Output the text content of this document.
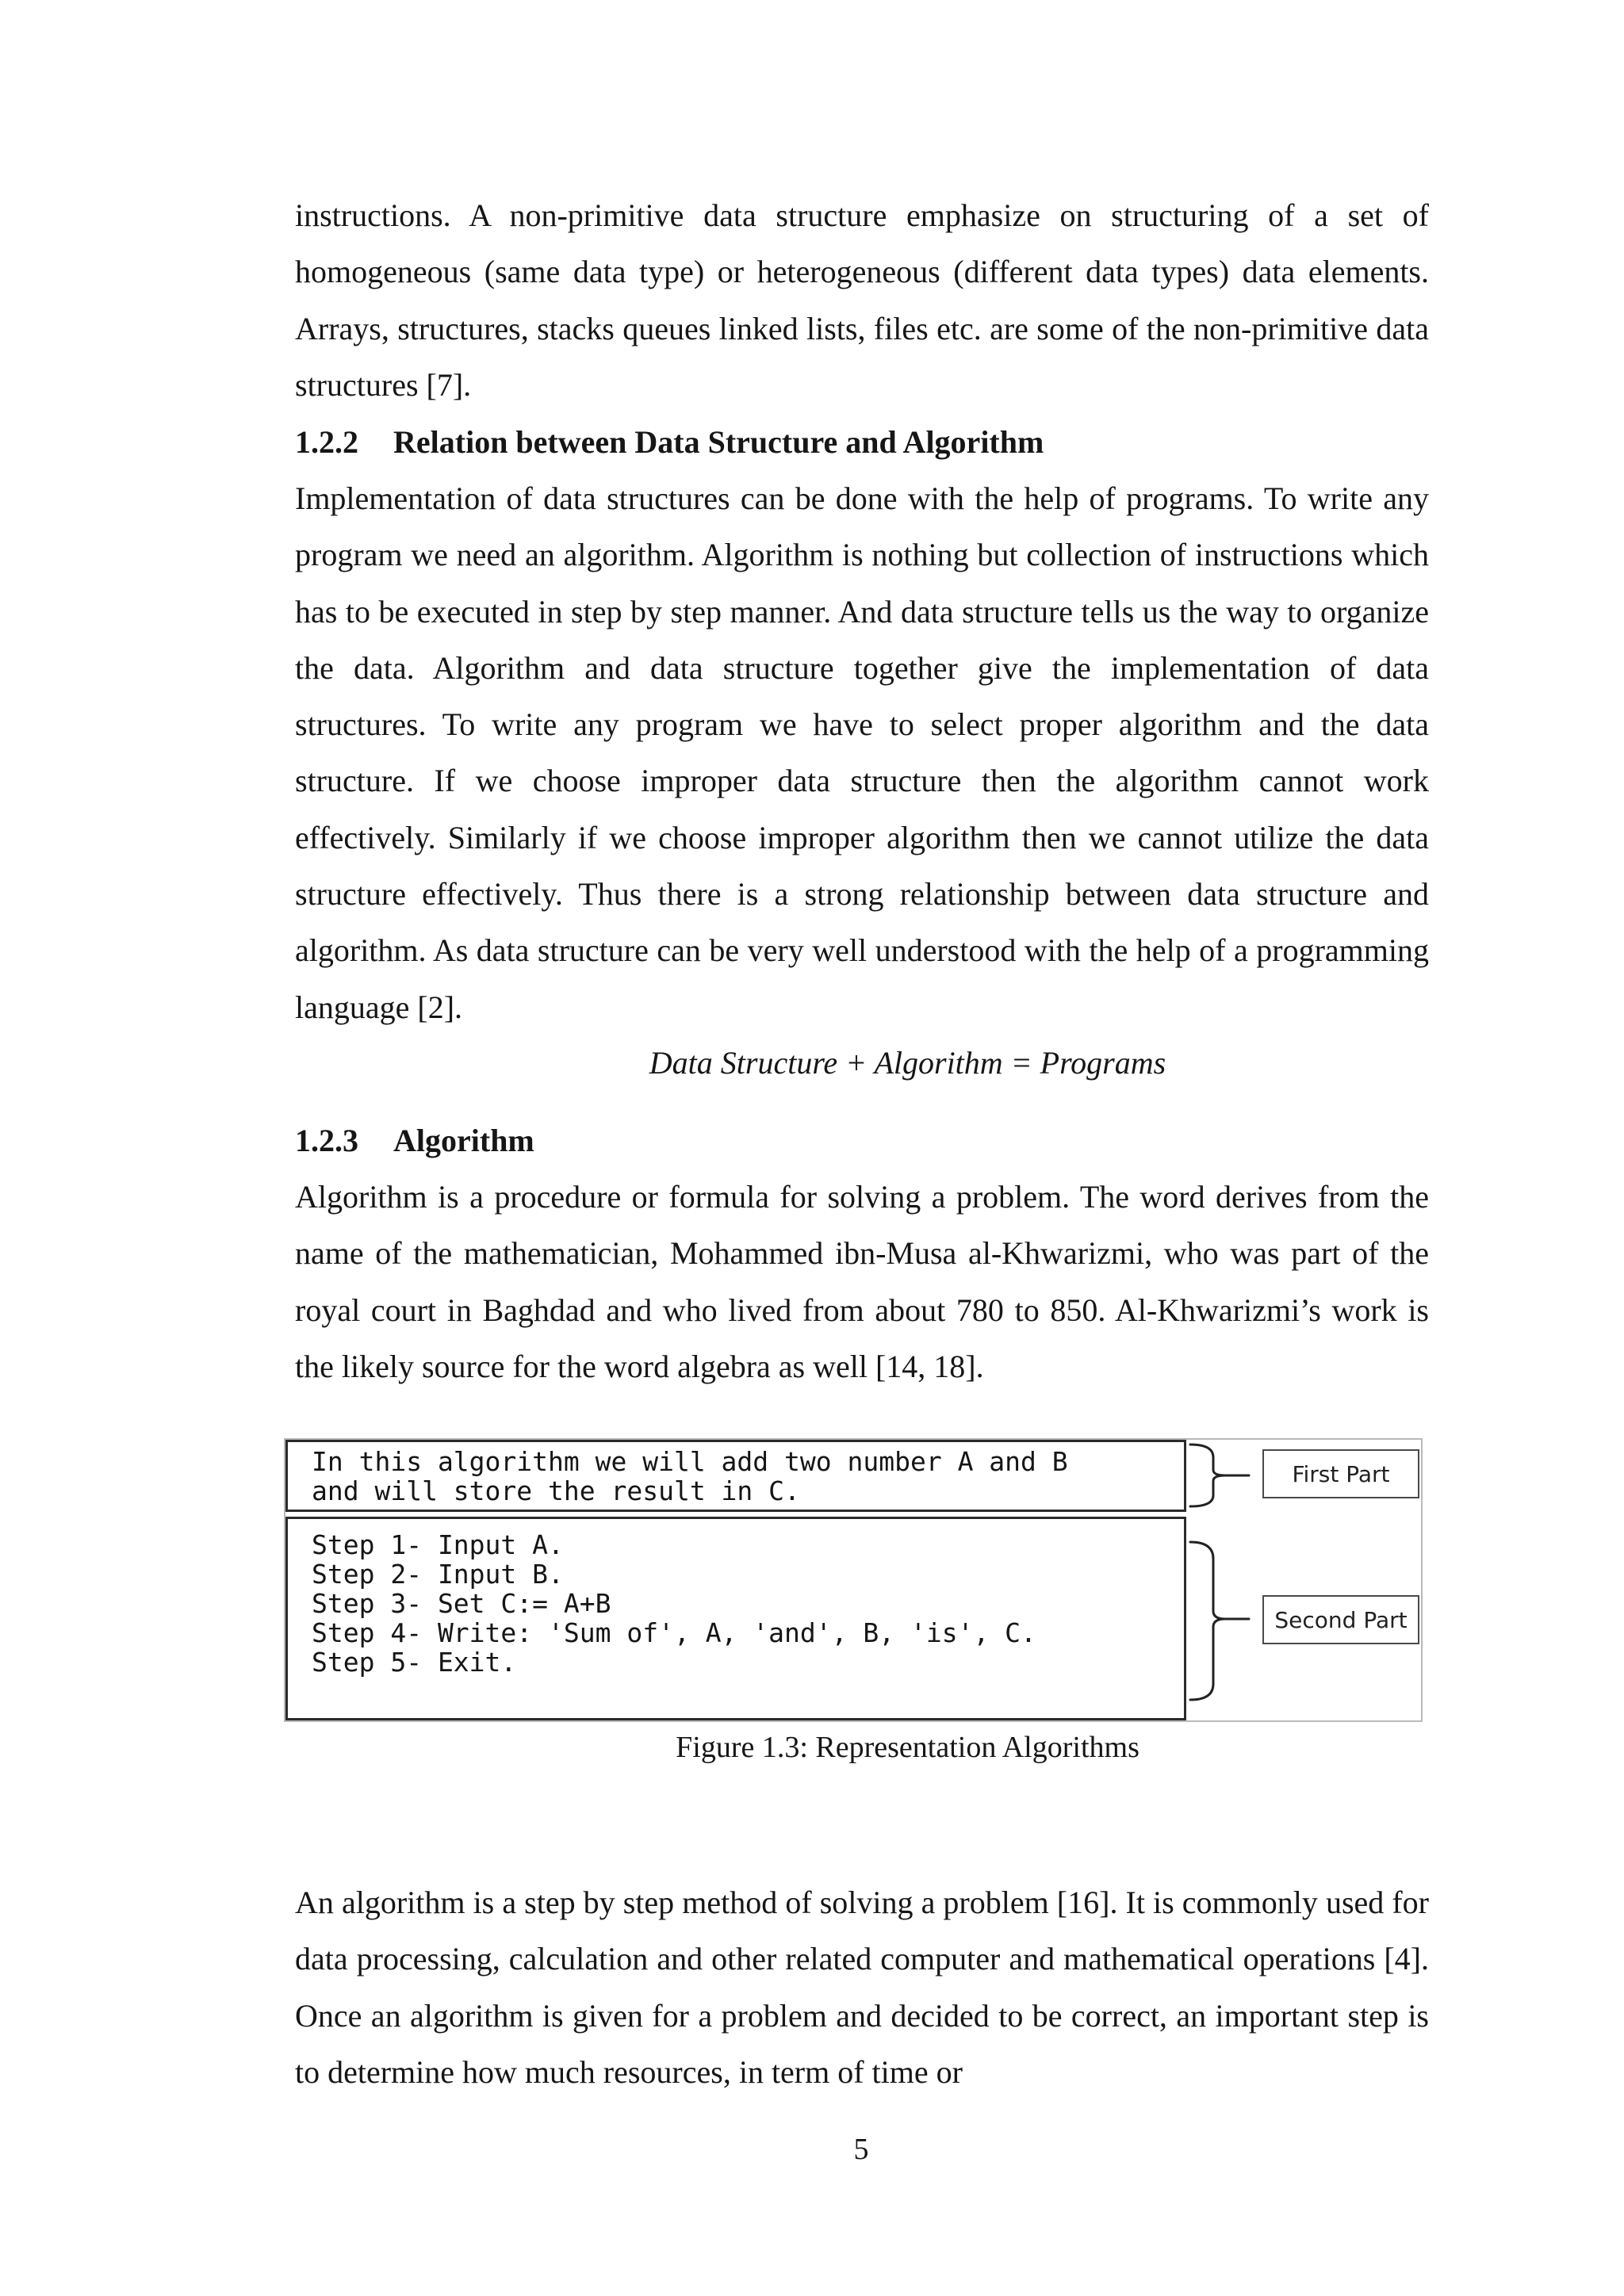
instructions. A non-primitive data structure emphasize on structuring of a set of homogeneous (same data type) or heterogeneous (different data types) data elements. Arrays, structures, stacks queues linked lists, files etc. are some of the non-primitive data structures [7].

1.2.2 Relation between Data Structure and Algorithm

Implementation of data structures can be done with the help of programs. To write any program we need an algorithm. Algorithm is nothing but collection of instructions which has to be executed in step by step manner. And data structure tells us the way to organize the data. Algorithm and data structure together give the implementation of data structures. To write any program we have to select proper algorithm and the data structure. If we choose improper data structure then the algorithm cannot work effectively. Similarly if we choose improper algorithm then we cannot utilize the data structure effectively. Thus there is a strong relationship between data structure and algorithm. As data structure can be very well understood with the help of a programming language [2].

Data Structure + Algorithm = Programs
1.2.3 Algorithm

Algorithm is a procedure or formula for solving a problem. The word derives from the name of the mathematician, Mohammed ibn-Musa al-Khwarizmi, who was part of the royal court in Baghdad and who lived from about 780 to 850. Al-Khwarizmi’s work is the likely source for the word algebra as well [14, 18].

In this algorithm we will add two number A and B
and will store the result in C.
Step 1- Input A.
Step 2- Input B.
Step 3- Set C:= A+B
Step 4- Write: 'Sum of', A, 'and', B, 'is', C.
Step 5- Exit.
First Part
Second Part

Figure 1.3: Representation Algorithms

An algorithm is a step by step method of solving a problem [16]. It is commonly used for data processing, calculation and other related computer and mathematical operations [4]. Once an algorithm is given for a problem and decided to be correct, an important step is to determine how much resources, in term of time or

5
